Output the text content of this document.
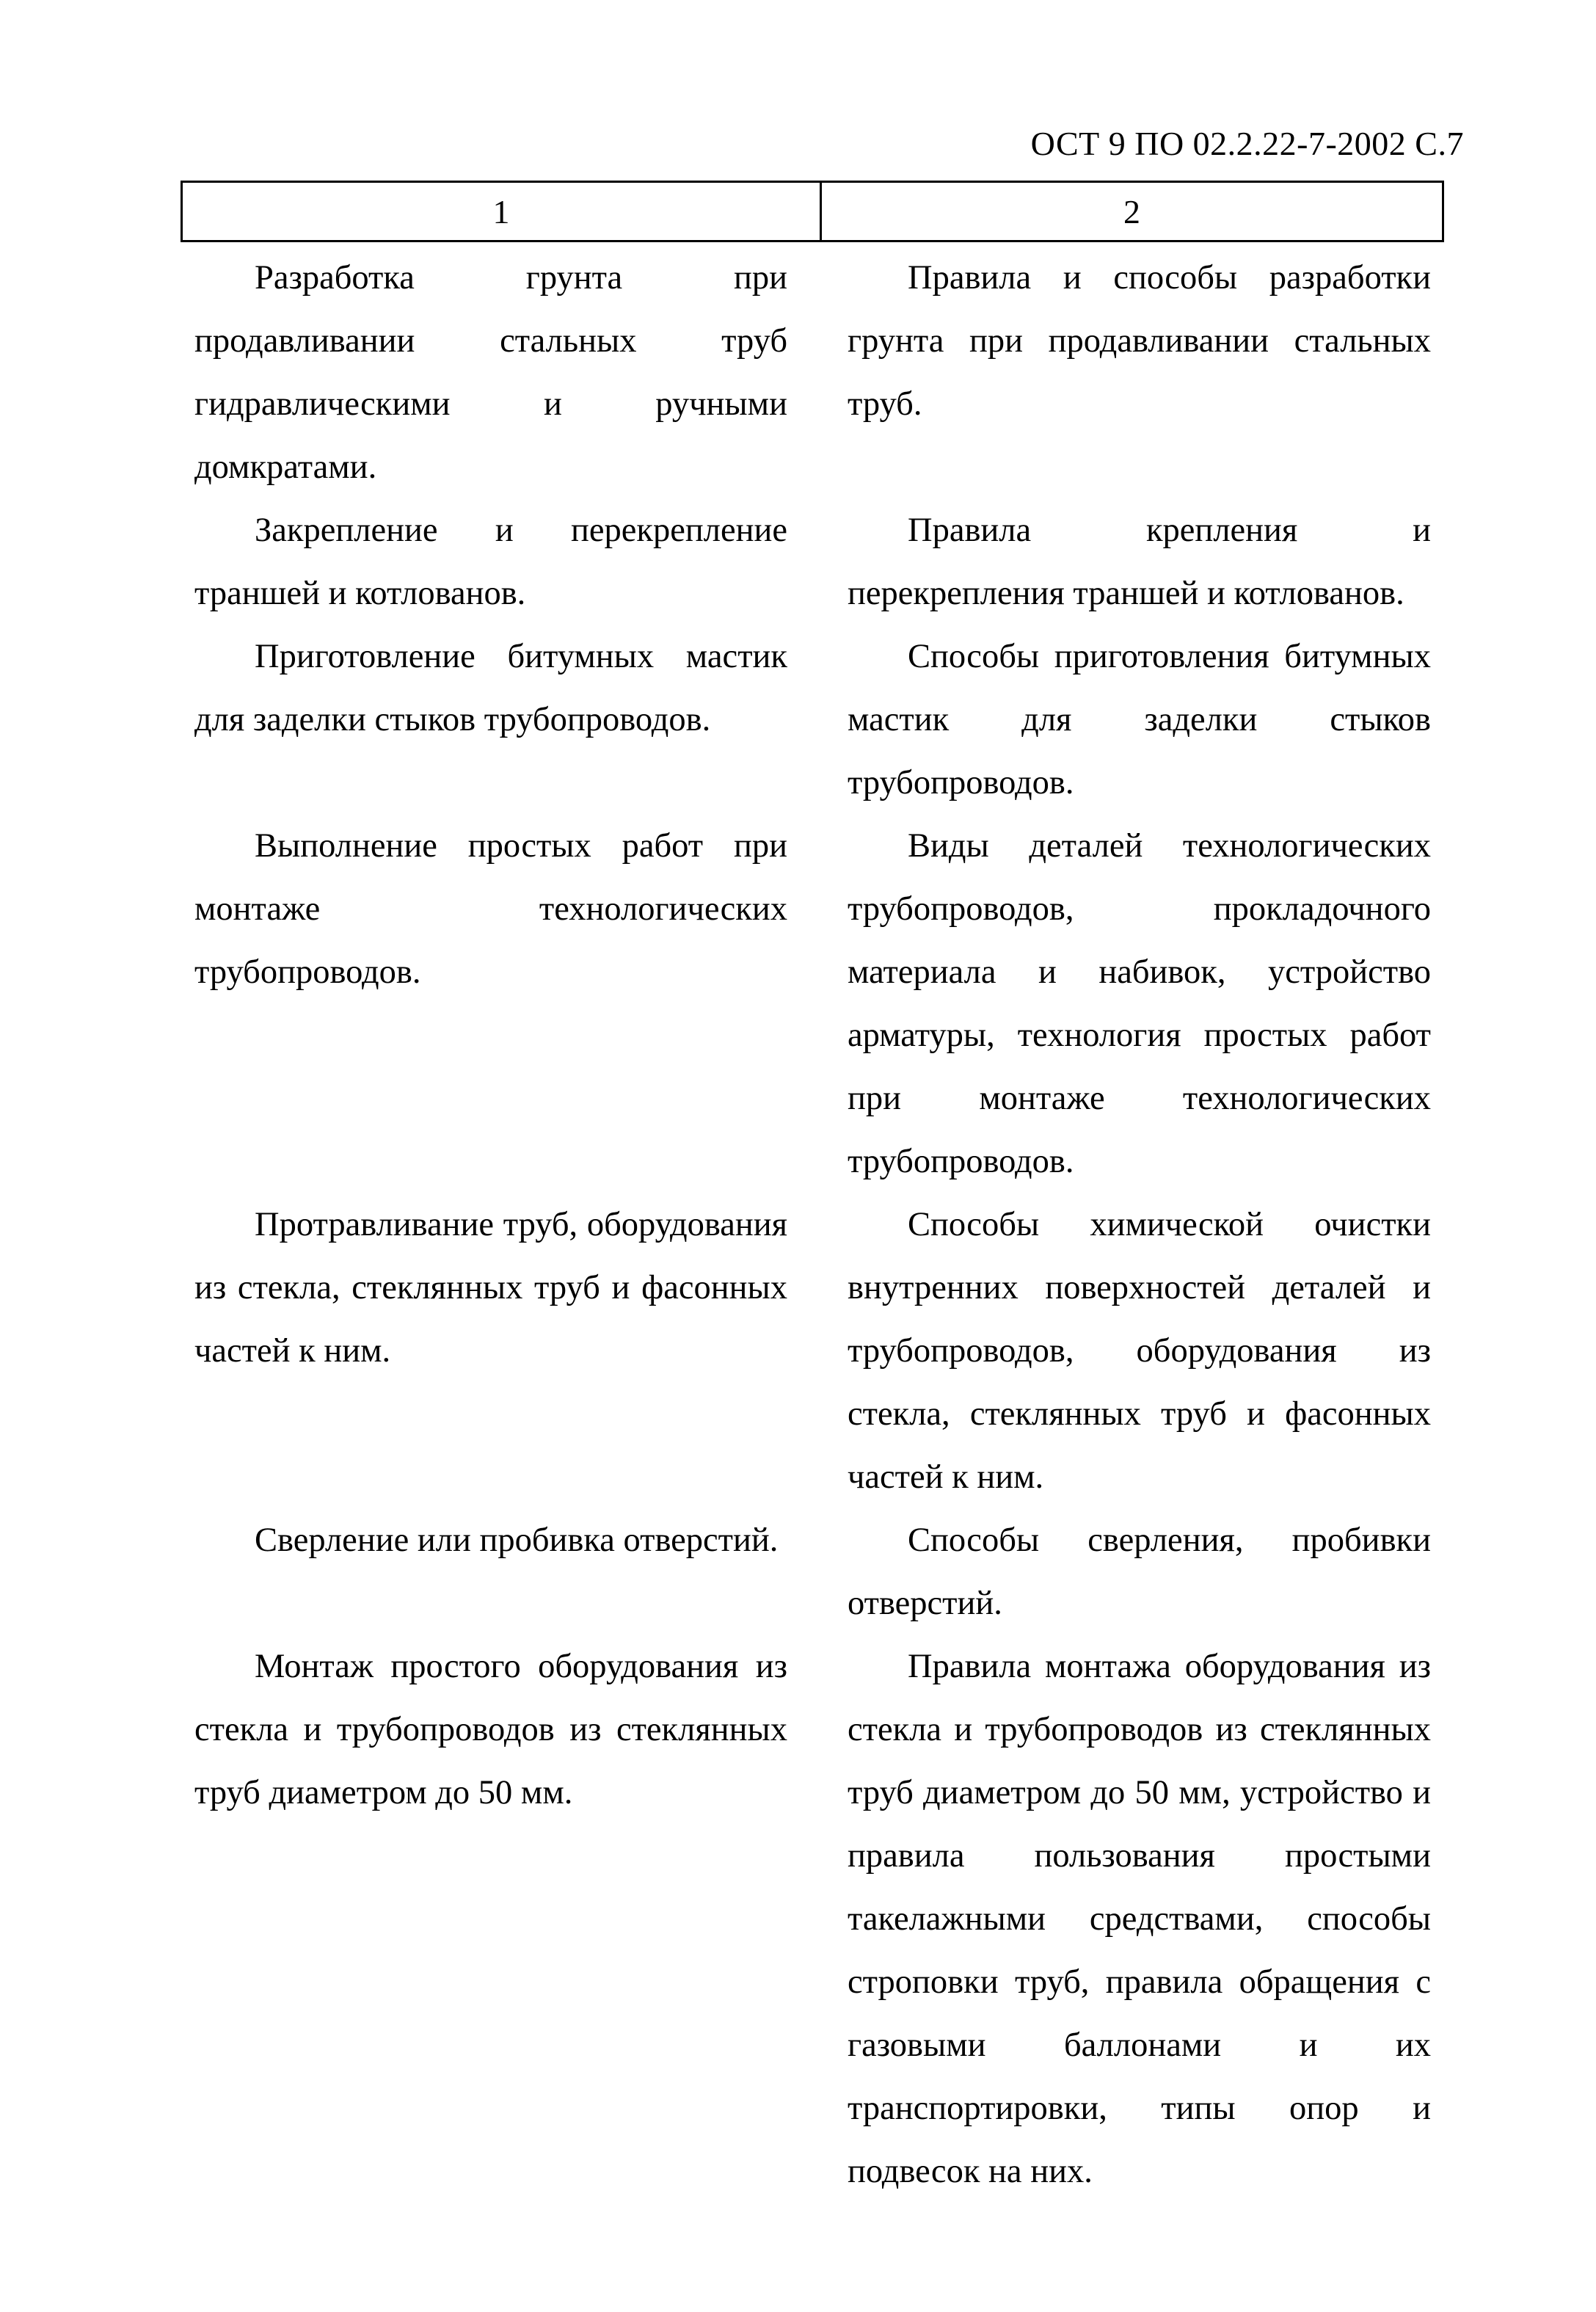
ОСТ 9 ПО 02.2.22-7-2002 С.7
1	2
Разработка грунта при продавливании стальных труб гидравлическими и ручными домкратами.
Правила и способы разработки грунта при продавливании стальных труб.
Закрепление и перекрепление траншей и котлованов.
Правила крепления и перекрепления траншей и котлованов.
Приготовление битумных мастик для заделки стыков трубопроводов.
Способы приготовления битумных мастик для заделки стыков трубопроводов.
Выполнение простых работ при монтаже технологических трубопроводов.
Виды деталей технологических трубопроводов, прокладочного материала и набивок, устройство арматуры, технология простых работ при монтаже технологических трубопроводов.
Протравливание труб, оборудования из стекла, стеклянных труб и фасонных частей к ним.
Способы химической очистки внутренних поверхностей деталей и трубопроводов, оборудования из стекла, стеклянных труб и фасонных частей к ним.
Сверление или пробивка отверстий.	Способы сверления, пробивки отверстий.
Монтаж простого оборудования из стекла и трубопроводов из стеклянных труб диаметром до 50 мм.
Правила монтажа оборудования из стекла и трубопроводов из стеклянных труб диаметром до 50 мм, устройство и правила пользования простыми такелажными средствами, способы строповки труб, правила обращения с газовыми баллонами и их транспортировки, типы опор и подвесок на них.
